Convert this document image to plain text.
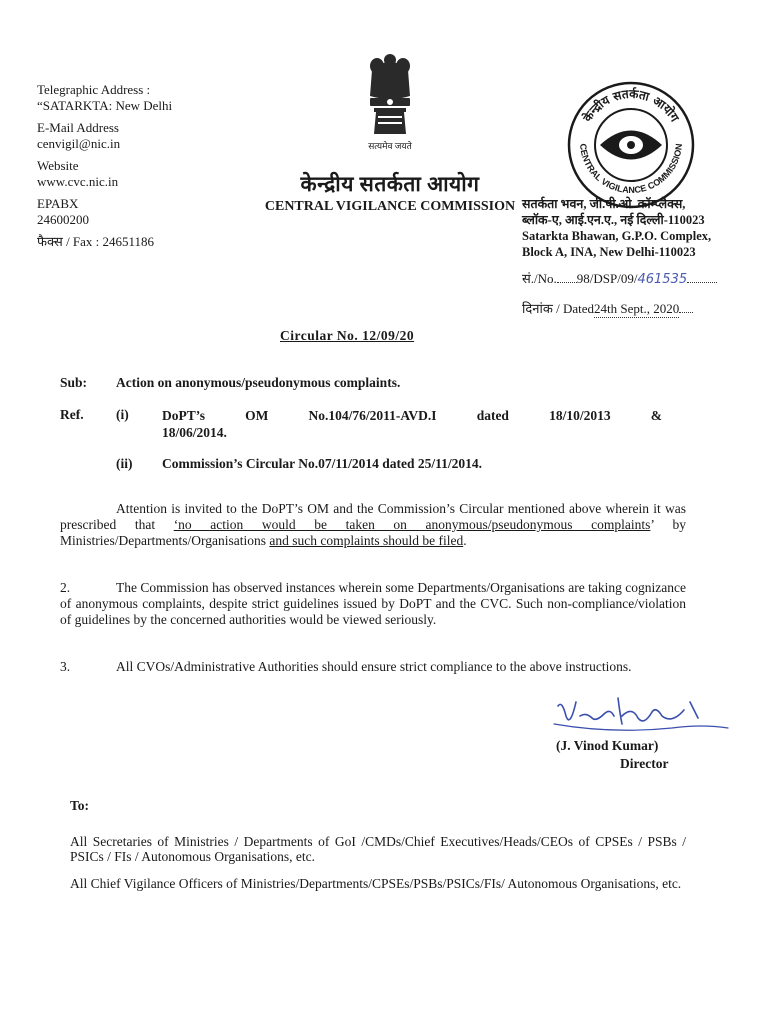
Telegraphic Address :
“SATARKTA: New Delhi
E-Mail Address
cenvigil@nic.in
Website
www.cvc.nic.in
EPABX
24600200
फैक्स / Fax : 24651186
सत्यमेव जयते
केन्द्रीय सतर्कता आयोग
CENTRAL VIGILANCE COMMISSION
केन्द्रीय सतर्कता आयोग
CENTRAL VIGILANCE COMMISSION
सतर्कता भवन, जी.पी.ओ. कॉम्प्लैक्स,
ब्लॉक-ए, आई.एन.ए., नई दिल्ली-110023
Satarkta Bhawan, G.P.O. Complex,
Block A, INA, New Delhi-110023
सं./No. 98/DSP/09/461535
दिनांक / Dated24th Sept., 2020
Circular No. 12/09/20
Sub: Action on anonymous/pseudonymous complaints.
Ref. (i) DoPT’s	OM	No.104/76/2011-AVD.I	dated	18/10/2013	&
18/06/2014.
(ii) Commission’s Circular No.07/11/2014 dated 25/11/2014.
Attention is invited to the DoPT’s OM and the Commission’s Circular mentioned above wherein it was prescribed that ‘no action would be taken on anonymous/pseudonymous complaints’ by Ministries/Departments/Organisations and such complaints should be filed.
2.	The Commission has observed instances wherein some Departments/Organisations are taking cognizance of anonymous complaints, despite strict guidelines issued by DoPT and the CVC. Such non-compliance/violation of guidelines by the concerned authorities would be viewed seriously.
3.	All CVOs/Administrative Authorities should ensure strict compliance to the above instructions.
(J. Vinod Kumar)
Director
To:
All Secretaries of Ministries / Departments of GoI /CMDs/Chief Executives/Heads/CEOs of CPSEs / PSBs / PSICs / FIs / Autonomous Organisations, etc.
All Chief Vigilance Officers of Ministries/Departments/CPSEs/PSBs/PSICs/FIs/ Autonomous Organisations, etc.
